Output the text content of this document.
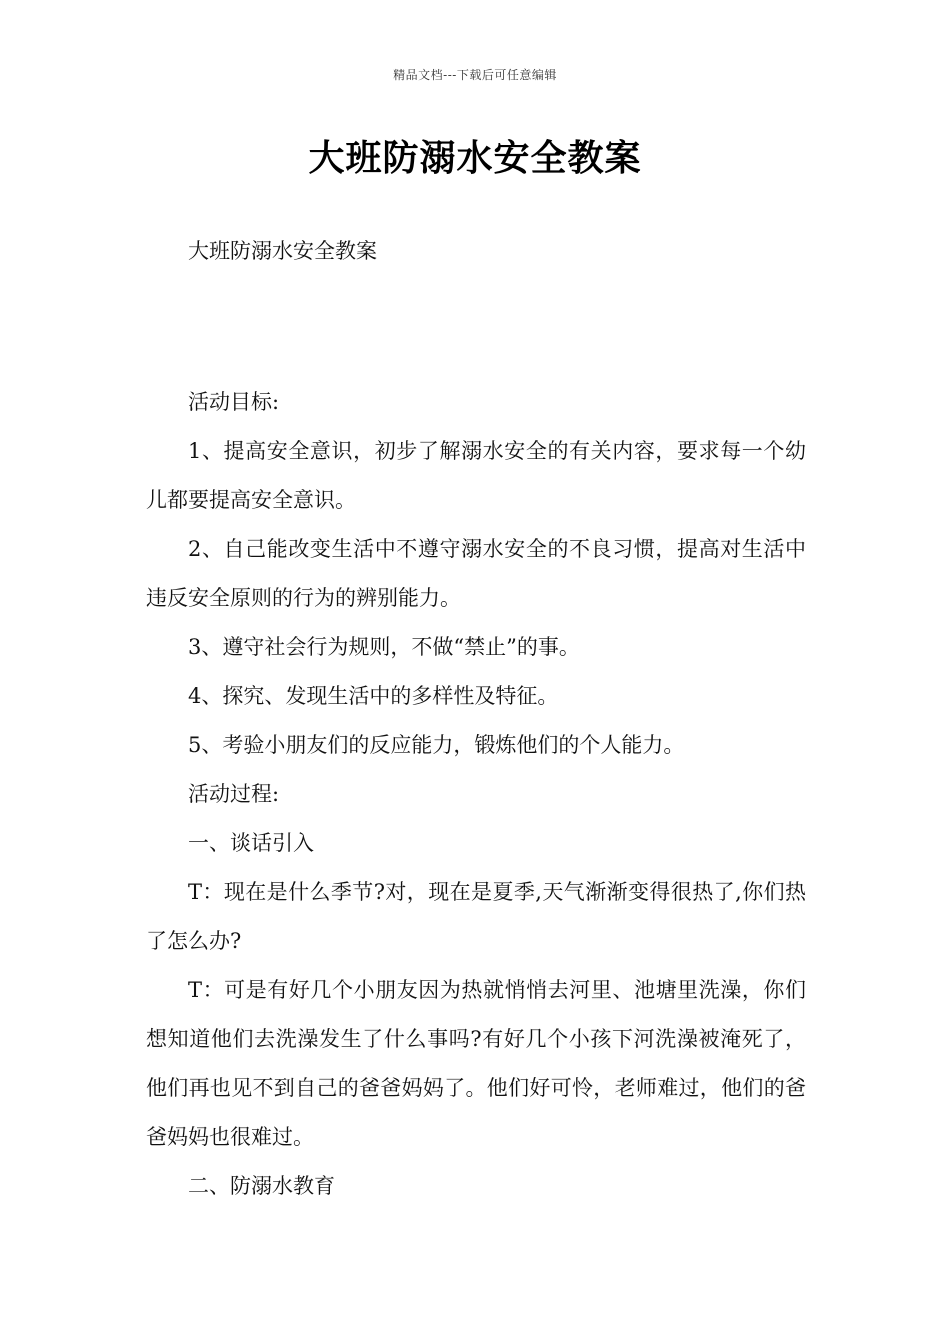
精品文档---下载后可任意编辑
大班防溺水安全教案

大班防溺水安全教案

活动目标:

1、提高安全意识，初步了解溺水安全的有关内容，要求每一个幼儿都要提高安全意识。

2、自己能改变生活中不遵守溺水安全的不良习惯，提高对生活中违反安全原则的行为的辨别能力。

3、遵守社会行为规则，不做“禁止”的事。

4、探究、发现生活中的多样性及特征。

5、考验小朋友们的反应能力，锻炼他们的个人能力。

活动过程:

一、谈话引入

T：现在是什么季节?对，现在是夏季,天气渐渐变得很热了,你们热了怎么办?

T：可是有好几个小朋友因为热就悄悄去河里、池塘里洗澡，你们想知道他们去洗澡发生了什么事吗?有好几个小孩下河洗澡被淹死了，他们再也见不到自己的爸爸妈妈了。他们好可怜，老师难过，他们的爸爸妈妈也很难过。

二、防溺水教育
